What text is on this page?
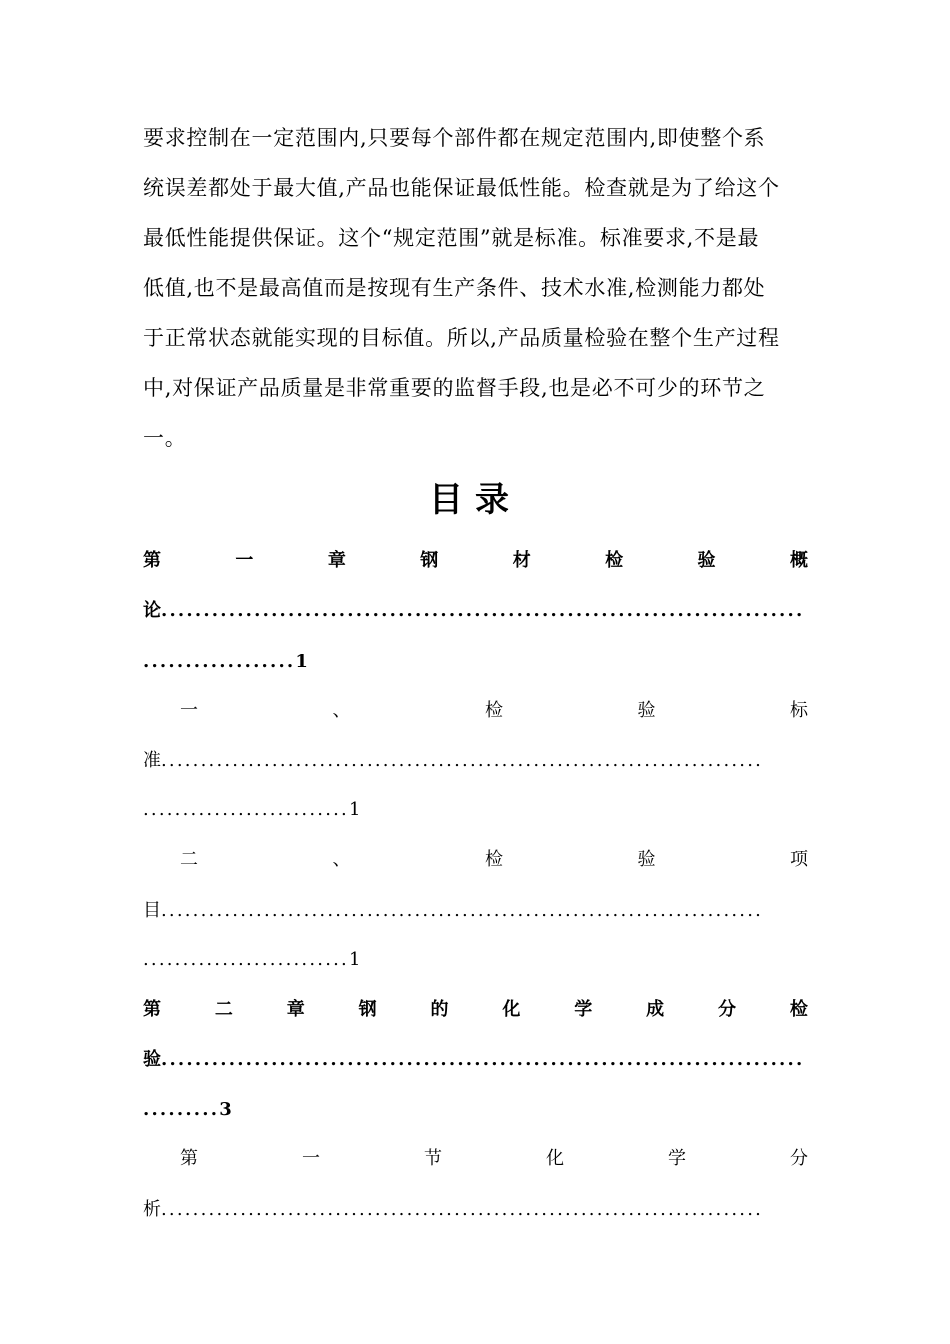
要求控制在一定范围内,只要每个部件都在规定范围内,即使整个系
统误差都处于最大值,产品也能保证最低性能。检查就是为了给这个
最低性能提供保证。这个“规定范围”就是标准。标准要求,不是最
低值,也不是最高值而是按现有生产条件、技术水准,检测能力都处
于正常状态就能实现的目标值。所以,产品质量检验在整个生产过程
中,对保证产品质量是非常重要的监督手段,也是必不可少的环节之
一。
目录
第	一	章	钢	材	检	验	概
论............................................................................
..................1
一	、	检	验	标
准............................................................................
..........................1
二	、	检	验	项
目............................................................................
..........................1
第	二	章	钢	的	化	学	成	分	检
验............................................................................
.........3
第	一	节	化	学	分
析............................................................................
